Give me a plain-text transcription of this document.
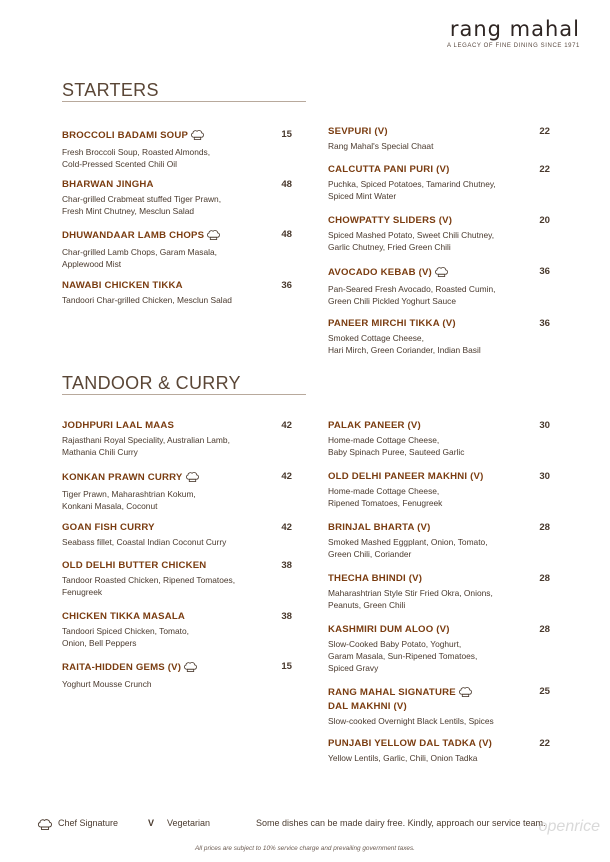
rang mahal
A LEGACY OF FINE DINING SINCE 1971
STARTERS
TANDOOR & CURRY
BROCCOLI BADAMI SOUP
Fresh Broccoli Soup, Roasted Almonds,
Cold-Pressed Scented Chili Oil
15
BHARWAN JINGHA
Char-grilled Crabmeat stuffed Tiger Prawn,
Fresh Mint Chutney, Mesclun Salad
48
DHUWANDAAR LAMB CHOPS
Char-grilled Lamb Chops, Garam Masala,
Applewood Mist
48
NAWABI CHICKEN TIKKA
Tandoori Char-grilled Chicken, Mesclun Salad
36
SEVPURI (V)
Rang Mahal's Special Chaat
22
CALCUTTA PANI PURI (V)
Puchka, Spiced Potatoes, Tamarind Chutney,
Spiced Mint Water
22
CHOWPATTY SLIDERS (V)
Spiced Mashed Potato, Sweet Chili Chutney,
Garlic Chutney, Fried Green Chili
20
AVOCADO KEBAB (V)
Pan-Seared Fresh Avocado, Roasted Cumin,
Green Chili Pickled Yoghurt Sauce
36
PANEER MIRCHI TIKKA (V)
Smoked Cottage Cheese,
Hari Mirch, Green Coriander, Indian Basil
36
JODHPURI LAAL MAAS
Rajasthani Royal Speciality, Australian Lamb,
Mathania Chili Curry
42
KONKAN PRAWN CURRY
Tiger Prawn, Maharashtrian Kokum,
Konkani Masala, Coconut
42
GOAN FISH CURRY
Seabass fillet, Coastal Indian Coconut Curry
42
OLD DELHI BUTTER CHICKEN
Tandoor Roasted Chicken, Ripened Tomatoes,
Fenugreek
38
CHICKEN TIKKA MASALA
Tandoori Spiced Chicken, Tomato,
Onion, Bell Peppers
38
RAITA-HIDDEN GEMS (V)
Yoghurt Mousse Crunch
15
PALAK PANEER (V)
Home-made Cottage Cheese,
Baby Spinach Puree, Sauteed Garlic
30
OLD DELHI PANEER MAKHNI (V)
Home-made Cottage Cheese,
Ripened Tomatoes, Fenugreek
30
BRINJAL BHARTA (V)
Smoked Mashed Eggplant, Onion, Tomato,
Green Chili, Coriander
28
THECHA BHINDI (V)
Maharashtrian Style Stir Fried Okra, Onions,
Peanuts, Green Chili
28
KASHMIRI DUM ALOO (V)
Slow-Cooked Baby Potato, Yoghurt,
Garam Masala, Sun-Ripened Tomatoes,
Spiced Gravy
28
RANG MAHAL SIGNATURE
DAL MAKHNI (V)
Slow-cooked Overnight Black Lentils, Spices
25
PUNJABI YELLOW DAL TADKA (V)
Yellow Lentils, Garlic, Chili, Onion Tadka
22
Chef Signature	V Vegetarian	Some dishes can be made dairy free. Kindly, approach our service team.
All prices are subject to 10% service charge and prevailing government taxes.
openrice
